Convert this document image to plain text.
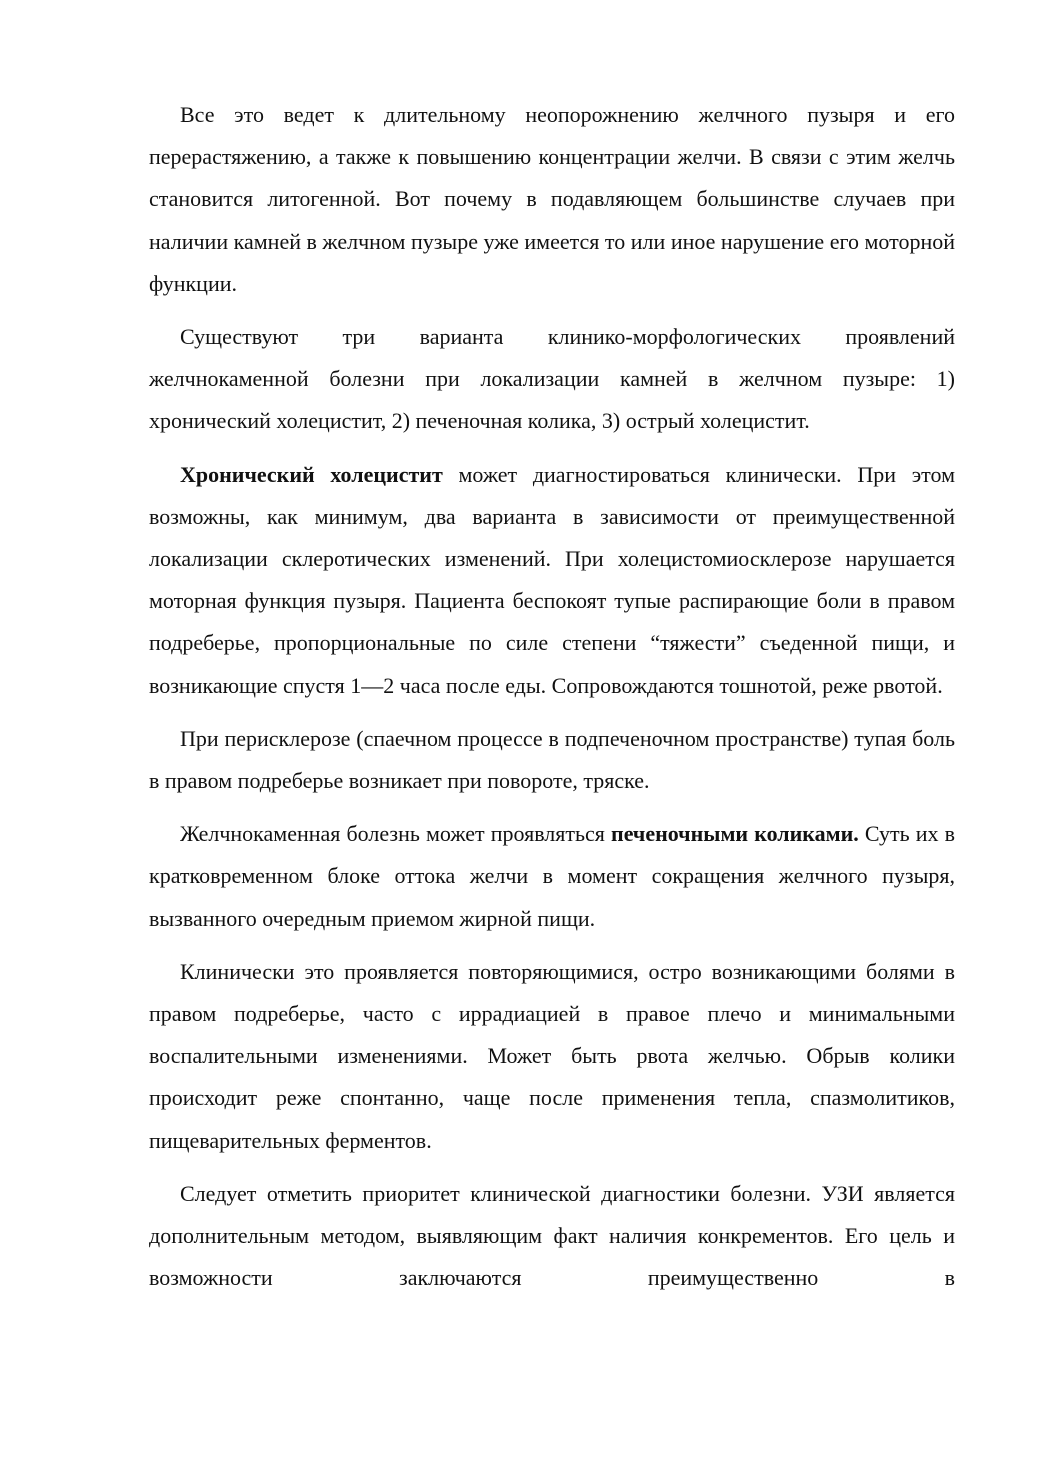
Все это ведет к длительному неопорожнению желчного пузыря и его перерастяжению, а также к повышению концентрации желчи. В связи с этим желчь становится литогенной. Вот почему в подавляющем большинстве случаев при наличии камней в желчном пузыре уже имеется то или иное нарушение его моторной функции.

Существуют три варианта клинико-морфологических проявлений желчнокаменной болезни при локализации камней в желчном пузыре: 1) хронический холецистит, 2) печеночная колика, 3) острый холецистит.

Хронический холецистит может диагностироваться клинически. При этом возможны, как минимум, два варианта в зависимости от преимущественной локализации склеротических изменений. При холецистомиосклерозе нарушается моторная функция пузыря. Пациента беспокоят тупые распирающие боли в правом подреберье, пропорциональные по силе степени “тяжести” съеденной пищи, и возникающие спустя 1—2 часа после еды. Сопровождаются тошнотой, реже рвотой.

При перисклерозе (спаечном процессе в подпеченочном пространстве) тупая боль в правом подреберье возникает при повороте, тряске.

Желчнокаменная болезнь может проявляться печеночными коликами. Суть их в кратковременном блоке оттока желчи в момент сокращения желчного пузыря, вызванного очередным приемом жирной пищи.

Клинически это проявляется повторяющимися, остро возникающими болями в правом подреберье, часто с иррадиацией в правое плечо и минимальными воспалительными изменениями. Может быть рвота желчью. Обрыв колики происходит реже спонтанно, чаще после применения тепла, спазмолитиков, пищеварительных ферментов.

Следует отметить приоритет клинической диагностики болезни. УЗИ является дополнительным методом, выявляющим факт наличия конкрементов. Его цель и возможности заключаются преимущественно в
